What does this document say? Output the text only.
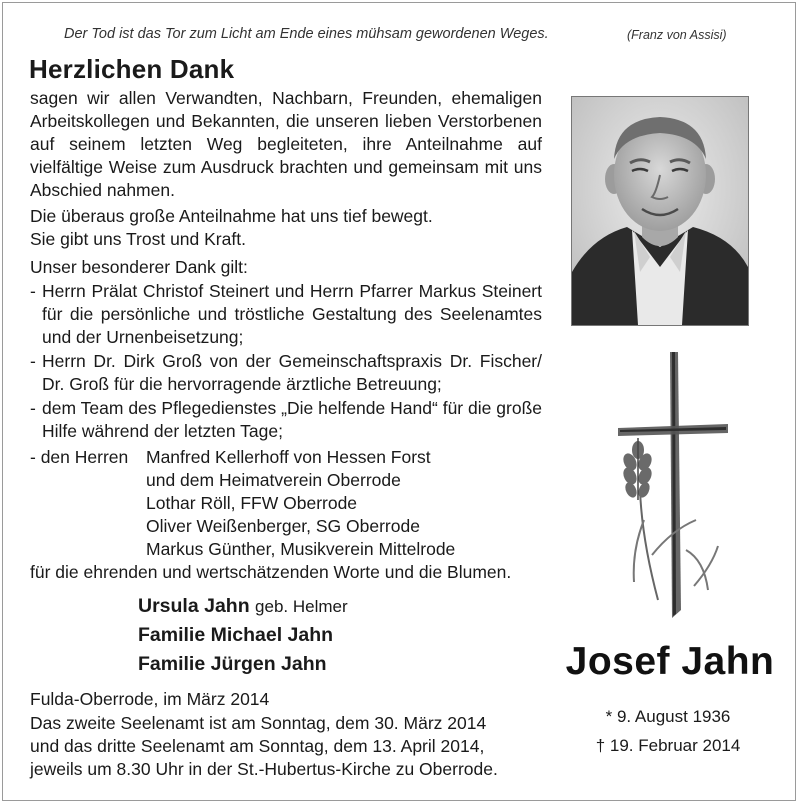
Der Tod ist das Tor zum Licht am Ende eines mühsam gewordenen Weges.	(Franz von Assisi)
Herzlichen Dank
sagen wir allen Verwandten, Nachbarn, Freunden, ehemaligen Arbeitskollegen und Bekannten, die unseren lieben Verstorbenen auf seinem letzten Weg begleiteten, ihre Anteilnahme auf vielfältige Weise zum Ausdruck brachten und gemeinsam mit uns Abschied nahmen.
Die überaus große Anteilnahme hat uns tief bewegt.
Sie gibt uns Trost und Kraft.
Unser besonderer Dank gilt:
- Herrn Prälat Christof Steinert und Herrn Pfarrer Markus Steinert für die persönliche und tröstliche Gestaltung des Seelenamtes und der Urnenbeisetzung;
- Herrn Dr. Dirk Groß von der Gemeinschaftspraxis Dr. Fischer/ Dr. Groß für die hervorragende ärztliche Betreuung;
- dem Team des Pflegedienstes „Die helfende Hand“ für die große Hilfe während der letzten Tage;
- den Herren Manfred Kellerhoff von Hessen Forst
und dem Heimatverein Oberrode
Lothar Röll, FFW Oberrode
Oliver Weißenberger, SG Oberrode
Markus Günther, Musikverein Mittelrode
für die ehrenden und wertschätzenden Worte und die Blumen.
Ursula Jahn geb. Helmer
Familie Michael Jahn
Familie Jürgen Jahn
Fulda-Oberrode, im März 2014
Das zweite Seelenamt ist am Sonntag, dem 30. März 2014
und das dritte Seelenamt am Sonntag, dem 13. April 2014,
jeweils um 8.30 Uhr in der St.-Hubertus-Kirche zu Oberrode.
Josef Jahn
* 9. August 1936
† 19. Februar 2014
